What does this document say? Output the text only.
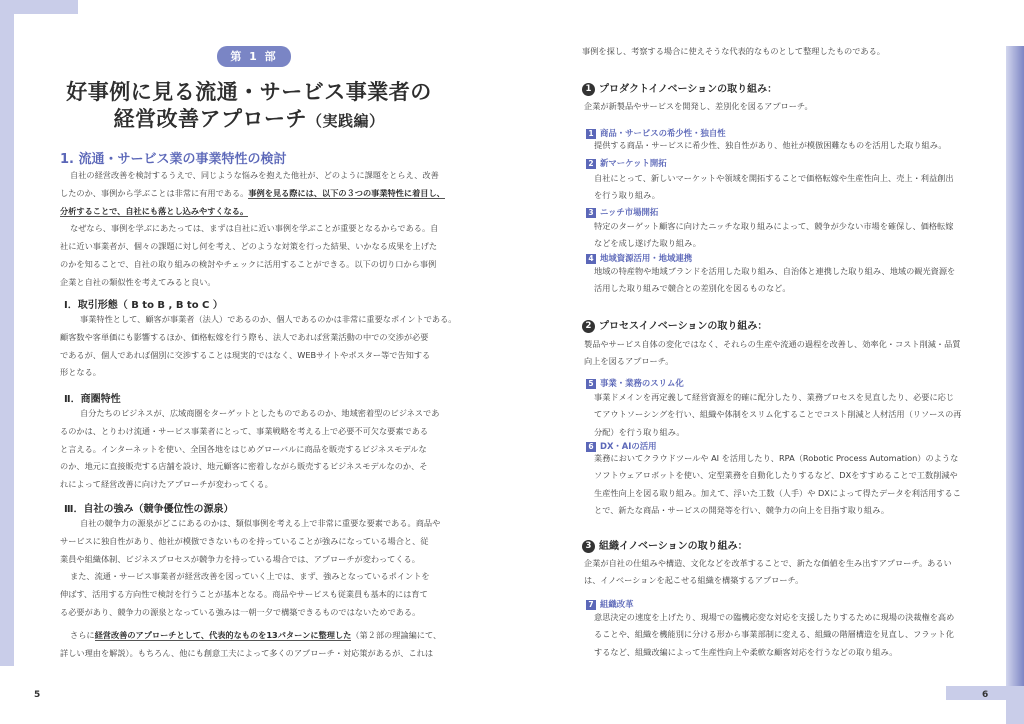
第 1 部
好事例に見る流通・サービス事業者の
経営改善アプローチ（実践編）
1. 流通・サービス業の事業特性の検討
自社の経営改善を検討するうえで、同じような悩みを抱えた他社が、どのように課題をとらえ、改善
したのか、事例から学ぶことは非常に有用である。事例を見る際には、以下の３つの事業特性に着目し、
分析することで、自社にも落とし込みやすくなる。
なぜなら、事例を学ぶにあたっては、まずは自社に近い事例を学ぶことが重要となるからである。自
社に近い事業者が、個々の課題に対し何を考え、どのような対策を行った結果、いかなる成果を上げた
のかを知ることで、自社の取り組みの検討やチェックに活用することができる。以下の切り口から事例
企業と自社の類似性を考えてみると良い。
Ⅰ．取引形態（ B to B , B to C ）
事業特性として、顧客が事業者（法人）であるのか、個人であるのかは非常に重要なポイントである。
顧客数や客単価にも影響するほか、価格転嫁を行う際も、法人であれば営業活動の中での交渉が必要
であるが、個人であれば個別に交渉することは現実的ではなく、WEBサイトやポスター等で告知する
形となる。
Ⅱ．商圏特性
自分たちのビジネスが、広域商圏をターゲットとしたものであるのか、地域密着型のビジネスであ
るのかは、とりわけ流通・サービス事業者にとって、事業戦略を考える上で必要不可欠な要素である
と言える。インターネットを使い、全国各地をはじめグローバルに商品を販売するビジネスモデルな
のか、地元に直接販売する店舗を設け、地元顧客に密着しながら販売するビジネスモデルなのか、そ
れによって経営改善に向けたアプローチが変わってくる。
Ⅲ．自社の強み（競争優位性の源泉）
自社の競争力の源泉がどこにあるのかは、類似事例を考える上で非常に重要な要素である。商品や
サービスに独自性があり、他社が模倣できないものを持っていることが強みになっている場合と、従
業員や組織体制、ビジネスプロセスが競争力を持っている場合では、アプローチが変わってくる。
また、流通・サービス事業者が経営改善を図っていく上では、まず、強みとなっているポイントを
伸ばす、活用する方向性で検討を行うことが基本となる。商品やサービスも従業員も基本的には育て
る必要があり、競争力の源泉となっている強みは一朝一夕で構築できるものではないためである。
さらに経営改善のアプローチとして、代表的なものを13パターンに整理した（第２部の理論編にて、
詳しい理由を解説）。もちろん、他にも創意工夫によって多くのアプローチ・対応策があるが、これは
5
事例を探し、考察する場合に使えそうな代表的なものとして整理したものである。
1 プロダクトイノベーションの取り組み：
企業が新製品やサービスを開発し、差別化を図るアプローチ。
1 商品・サービスの希少性・独自性
提供する商品・サービスに希少性、独自性があり、他社が模倣困難なものを活用した取り組み。
2 新マーケット開拓
自社にとって、新しいマーケットや領域を開拓することで価格転嫁や生産性向上、売上・利益創出
を行う取り組み。
3 ニッチ市場開拓
特定のターゲット顧客に向けたニッチな取り組みによって、競争が少ない市場を確保し、価格転嫁
などを成し遂げた取り組み。
4 地域資源活用・地域連携
地域の特産物や地域ブランドを活用した取り組み、自治体と連携した取り組み、地域の観光資源を
活用した取り組みで競合との差別化を図るものなど。
2 プロセスイノベーションの取り組み：
製品やサービス自体の変化ではなく、それらの生産や流通の過程を改善し、効率化・コスト削減・品質
向上を図るアプローチ。
5 事業・業務のスリム化
事業ドメインを再定義して経営資源を的確に配分したり、業務プロセスを見直したり、必要に応じ
てアウトソーシングを行い、組織や体制をスリム化することでコスト削減と人材活用（リソースの再
分配）を行う取り組み。
6 DX・AIの活用
業務においてクラウドツールや AI を活用したり、RPA（Robotic Process Automation）のような
ソフトウェアロボットを使い、定型業務を自動化したりするなど、DXをすすめることで工数削減や
生産性向上を図る取り組み。加えて、浮いた工数（人手）や DXによって得たデータを利活用するこ
とで、新たな商品・サービスの開発等を行い、競争力の向上を目指す取り組み。
3 組織イノベーションの取り組み：
企業が自社の仕組みや構造、文化などを改革することで、新たな価値を生み出すアプローチ。あるい
は、イノベーションを起こせる組織を構築するアプローチ。
7 組織改革
意思決定の速度を上げたり、現場での臨機応変な対応を支援したりするために現場の決裁権を高め
ることや、組織を機能別に分ける形から事業部制に変える、組織の階層構造を見直し、フラット化
するなど、組織改編によって生産性向上や柔軟な顧客対応を行うなどの取り組み。
6
